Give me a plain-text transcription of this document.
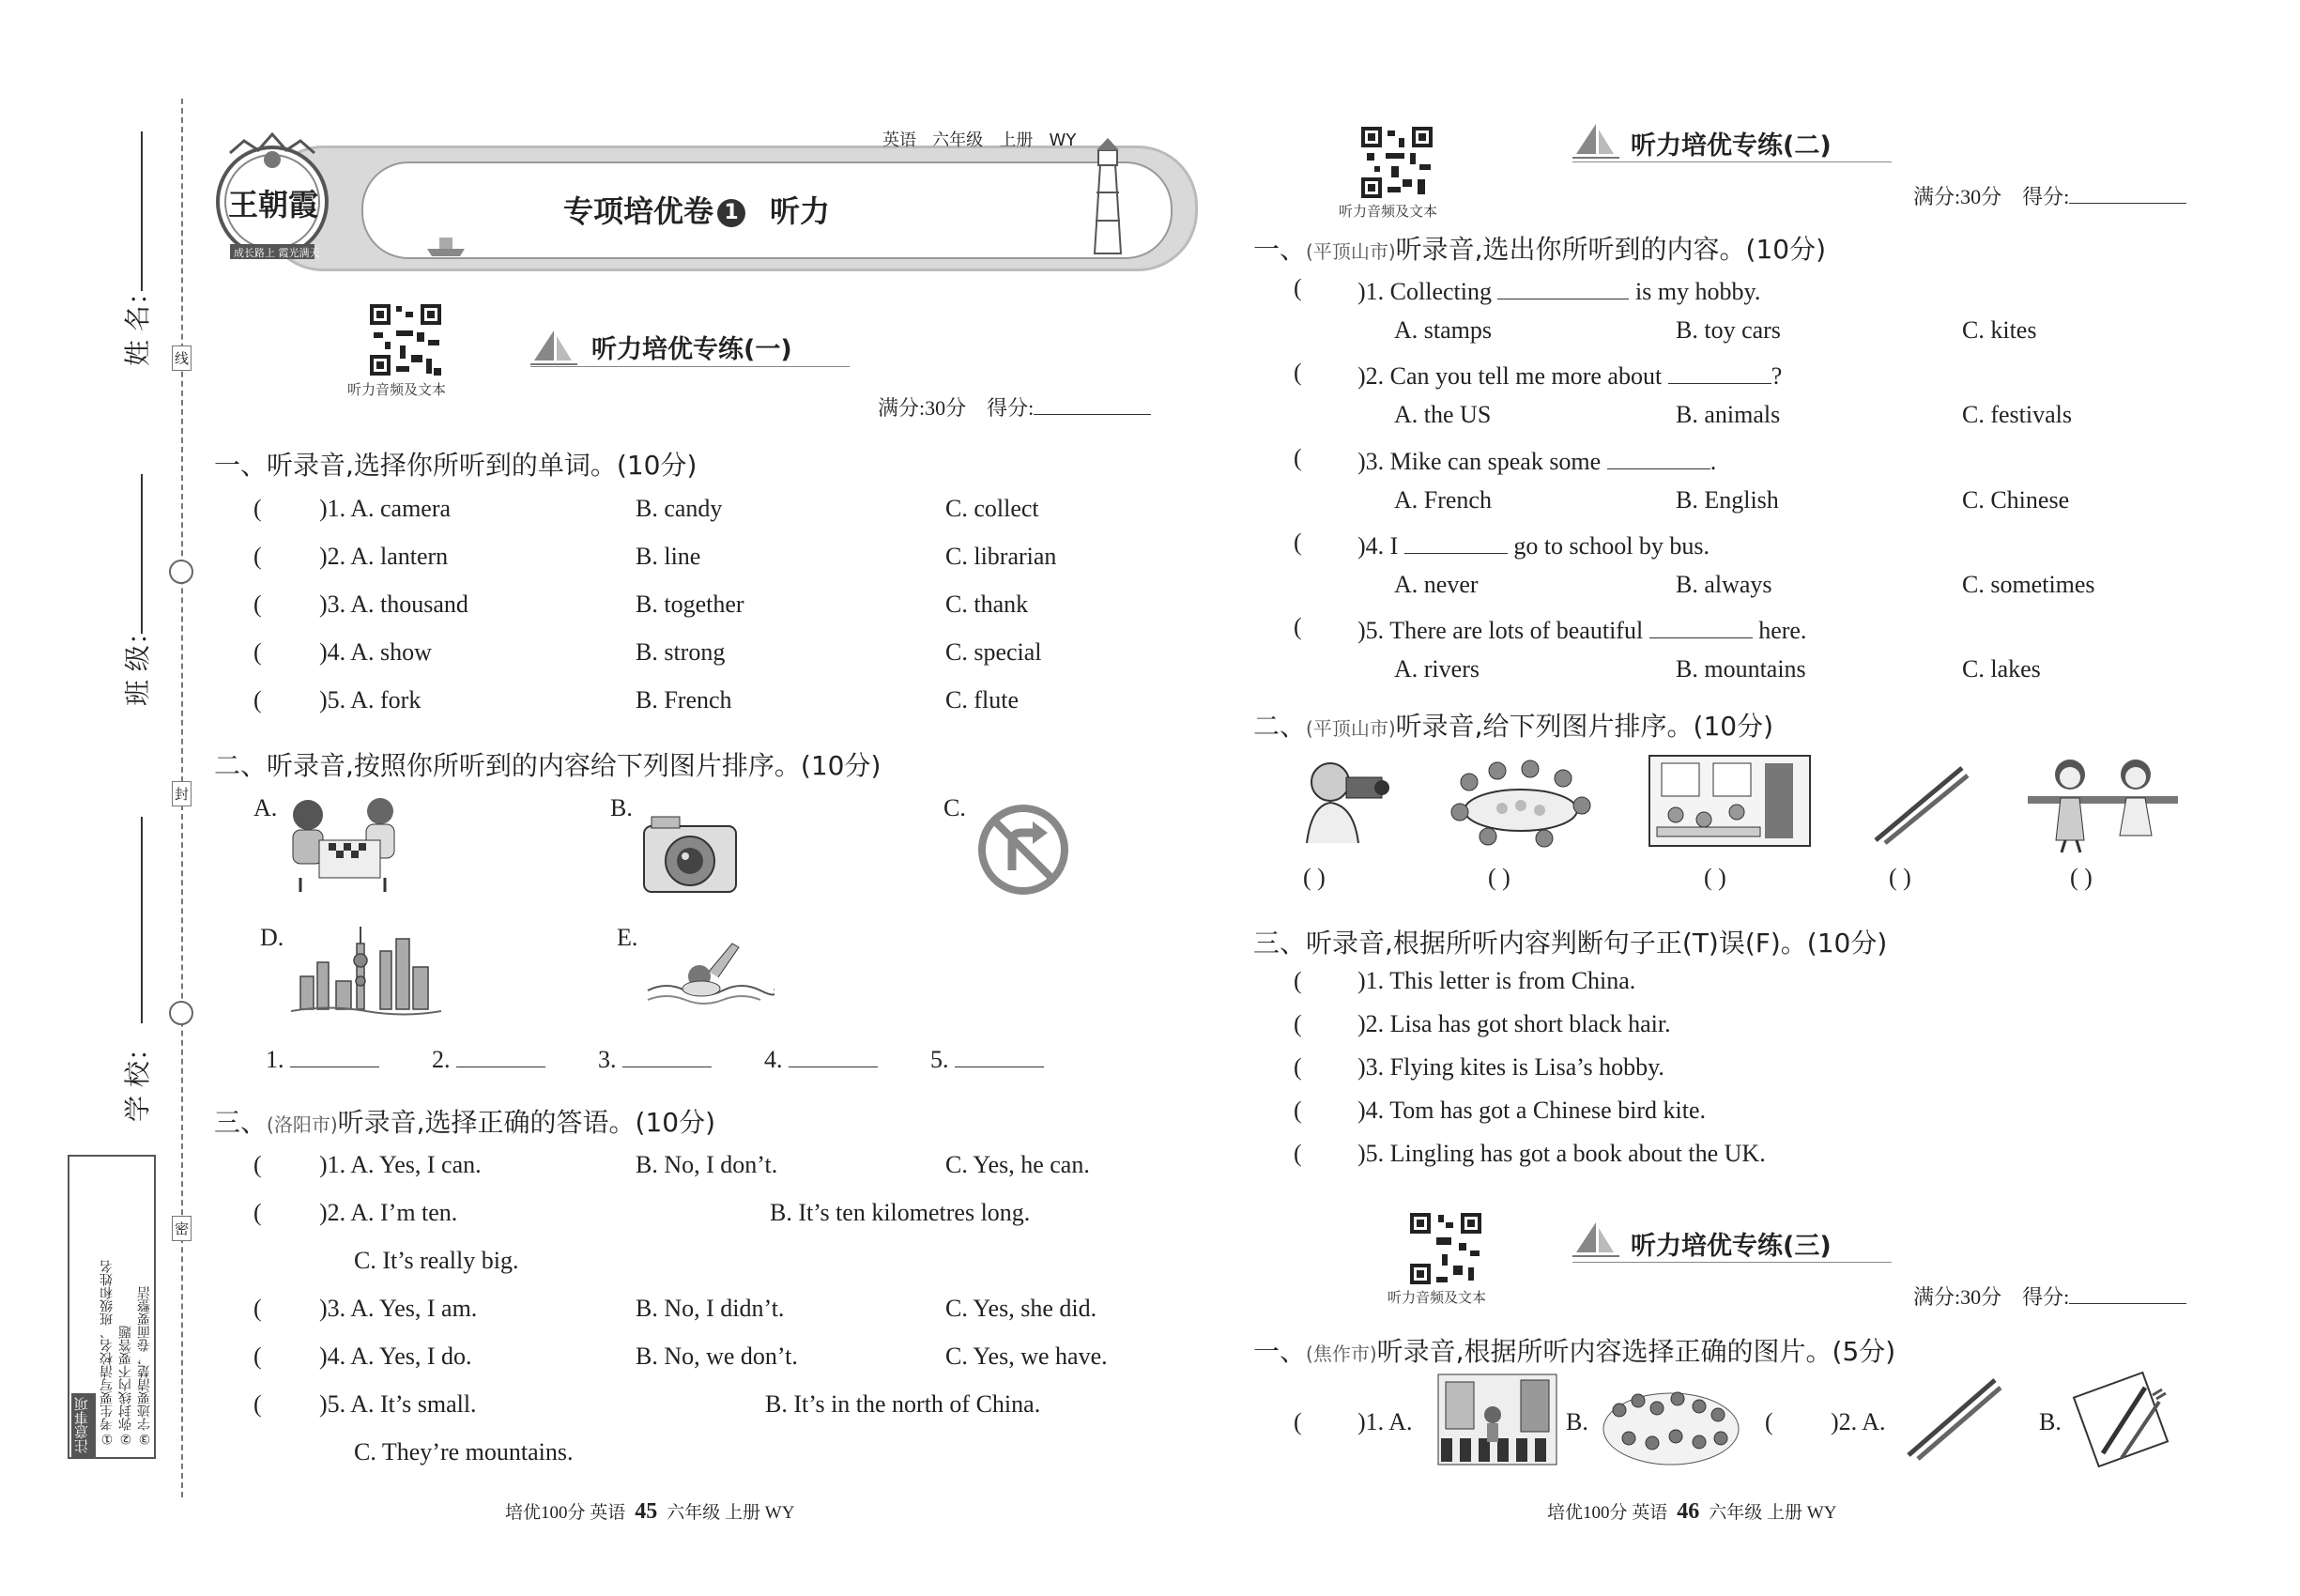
线
封
密
姓 名：
班 级：
学 校：
注意事项 ①考生要写清校名、班级和姓名 ②弥封线内不要答题 ③字迹要清楚，卷面要整洁
王朝霞
成长路上 霞光满天
英语 六年级 上册 WY
专项培优卷 1 听力
听力音频及文本
听力培优专练(一)
满分:30分 得分:
一、听录音,选择你所听到的单词。(10分)
( )1. A. camera	B. candy	C. collect
( )2. A. lantern	B. line	C. librarian
( )3. A. thousand	B. together	C. thank
( )4. A. show	B. strong	C. special
( )5. A. fork	B. French	C. flute
二、听录音,按照你所听到的内容给下列图片排序。(10分)
A.	B.	C.
D.	E.
1.	2.	3.	4.	5.
三、(洛阳市)听录音,选择正确的答语。(10分)
( )1. A. Yes, I can.	B. No, I don’t.	C. Yes, he can.
( )2. A. I’m ten.	B. It’s ten kilometres long.
C. It’s really big.
( )3. A. Yes, I am.	B. No, I didn’t.	C. Yes, she did.
( )4. A. Yes, I do.	B. No, we don’t.	C. Yes, we have.
( )5. A. It’s small.	B. It’s in the north of China.
C. They’re mountains.
培优100分 英语 45 六年级 上册 WY
听力音频及文本
听力培优专练(二)
满分:30分 得分:
一、(平顶山市)听录音,选出你所听到的内容。(10分)
( )1. Collecting	is my hobby.
A. stamps	B. toy cars	C. kites
( )2. Can you tell me more about	?
A. the US	B. animals	C. festivals
( )3. Mike can speak some	.
A. French	B. English	C. Chinese
( )4. I	go to school by bus.
A. never	B. always	C. sometimes
( )5. There are lots of beautiful	here.
A. rivers	B. mountains	C. lakes
二、(平顶山市)听录音,给下列图片排序。(10分)
( )	( )	( )	( )	( )
三、听录音,根据所听内容判断句子正(T)误(F)。(10分)
( )1. This letter is from China.
( )2. Lisa has got short black hair.
( )3. Flying kites is Lisa’s hobby.
( )4. Tom has got a Chinese bird kite.
( )5. Lingling has got a book about the UK.
听力音频及文本
听力培优专练(三)
满分:30分 得分:
一、(焦作市)听录音,根据所听内容选择正确的图片。(5分)
( )1. A.	B.	( )2. A.	B.
培优100分 英语 46 六年级 上册 WY
